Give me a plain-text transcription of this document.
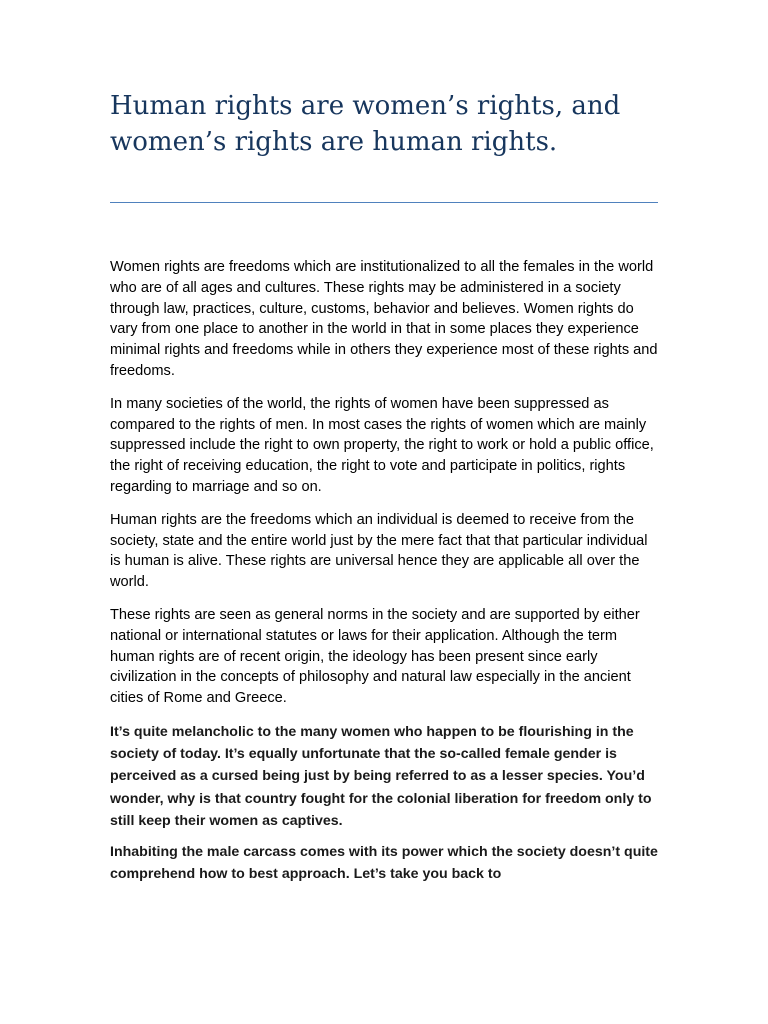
Human rights are women’s rights, and women’s rights are human rights.

Women rights are freedoms which are institutionalized to all the females in the world who are of all ages and cultures. These rights may be administered in a society through law, practices, culture, customs, behavior and believes. Women rights do vary from one place to another in the world in that in some places they experience minimal rights and freedoms while in others they experience most of these rights and freedoms.

In many societies of the world, the rights of women have been suppressed as compared to the rights of men. In most cases the rights of women which are mainly suppressed include the right to own property, the right to work or hold a public office, the right of receiving education, the right to vote and participate in politics, rights regarding to marriage and so on.

Human rights are the freedoms which an individual is deemed to receive from the society, state and the entire world just by the mere fact that that particular individual is human is alive. These rights are universal hence they are applicable all over the world.

These rights are seen as general norms in the society and are supported by either national or international statutes or laws for their application. Although the term human rights are of recent origin, the ideology has been present since early civilization in the concepts of philosophy and natural law especially in the ancient cities of Rome and Greece.

It’s quite melancholic to the many women who happen to be flourishing in the society of today. It’s equally unfortunate that the so-called female gender is perceived as a cursed being just by being referred to as a lesser species. You’d wonder, why is that country fought for the colonial liberation for freedom only to still keep their women as captives.

Inhabiting the male carcass comes with its power which the society doesn’t quite comprehend how to best approach. Let’s take you back to
